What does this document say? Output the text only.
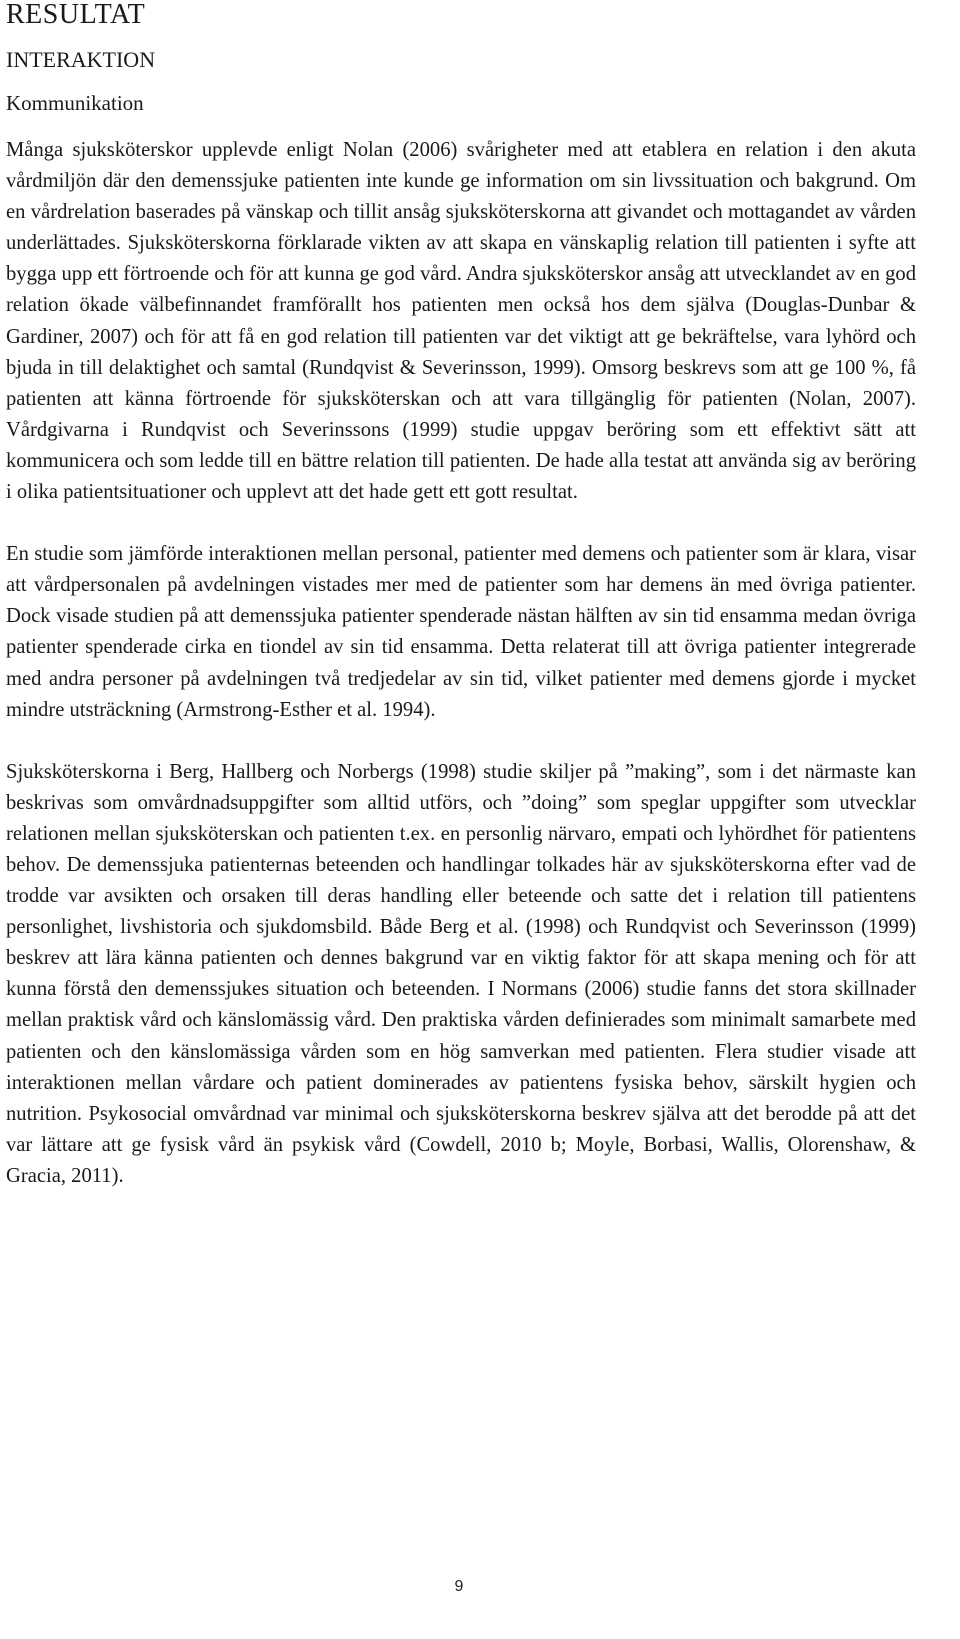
RESULTAT
INTERAKTION
Kommunikation

Många sjuksköterskor upplevde enligt Nolan (2006) svårigheter med att etablera en relation i den akuta vårdmiljön där den demenssjuke patienten inte kunde ge information om sin livssituation och bakgrund. Om en vårdrelation baserades på vänskap och tillit ansåg sjuksköterskorna att givandet och mottagandet av vården underlättades. Sjuksköterskorna förklarade vikten av att skapa en vänskaplig relation till patienten i syfte att bygga upp ett förtroende och för att kunna ge god vård. Andra sjuksköterskor ansåg att utvecklandet av en god relation ökade välbefinnandet framförallt hos patienten men också hos dem själva (Douglas-Dunbar & Gardiner, 2007) och för att få en god relation till patienten var det viktigt att ge bekräftelse, vara lyhörd och bjuda in till delaktighet och samtal (Rundqvist & Severinsson, 1999). Omsorg beskrevs som att ge 100 %, få patienten att känna förtroende för sjuksköterskan och att vara tillgänglig för patienten (Nolan, 2007). Vårdgivarna i Rundqvist och Severinssons (1999) studie uppgav beröring som ett effektivt sätt att kommunicera och som ledde till en bättre relation till patienten. De hade alla testat att använda sig av beröring i olika patientsituationer och upplevt att det hade gett ett gott resultat.

En studie som jämförde interaktionen mellan personal, patienter med demens och patienter som är klara, visar att vårdpersonalen på avdelningen vistades mer med de patienter som har demens än med övriga patienter. Dock visade studien på att demenssjuka patienter spenderade nästan hälften av sin tid ensamma medan övriga patienter spenderade cirka en tiondel av sin tid ensamma. Detta relaterat till att övriga patienter integrerade med andra personer på avdelningen två tredjedelar av sin tid, vilket patienter med demens gjorde i mycket mindre utsträckning (Armstrong-Esther et al. 1994).

Sjuksköterskorna i Berg, Hallberg och Norbergs (1998) studie skiljer på ”making”, som i det närmaste kan beskrivas som omvårdnadsuppgifter som alltid utförs, och ”doing” som speglar uppgifter som utvecklar relationen mellan sjuksköterskan och patienten t.ex. en personlig närvaro, empati och lyhördhet för patientens behov. De demenssjuka patienternas beteenden och handlingar tolkades här av sjuksköterskorna efter vad de trodde var avsikten och orsaken till deras handling eller beteende och satte det i relation till patientens personlighet, livshistoria och sjukdomsbild. Både Berg et al. (1998) och Rundqvist och Severinsson (1999) beskrev att lära känna patienten och dennes bakgrund var en viktig faktor för att skapa mening och för att kunna förstå den demenssjukes situation och beteenden. I Normans (2006) studie fanns det stora skillnader mellan praktisk vård och känslomässig vård. Den praktiska vården definierades som minimalt samarbete med patienten och den känslomässiga vården som en hög samverkan med patienten. Flera studier visade att interaktionen mellan vårdare och patient dominerades av patientens fysiska behov, särskilt hygien och nutrition. Psykosocial omvårdnad var minimal och sjuksköterskorna beskrev själva att det berodde på att det var lättare att ge fysisk vård än psykisk vård (Cowdell, 2010 b; Moyle, Borbasi, Wallis, Olorenshaw, & Gracia, 2011).

9
